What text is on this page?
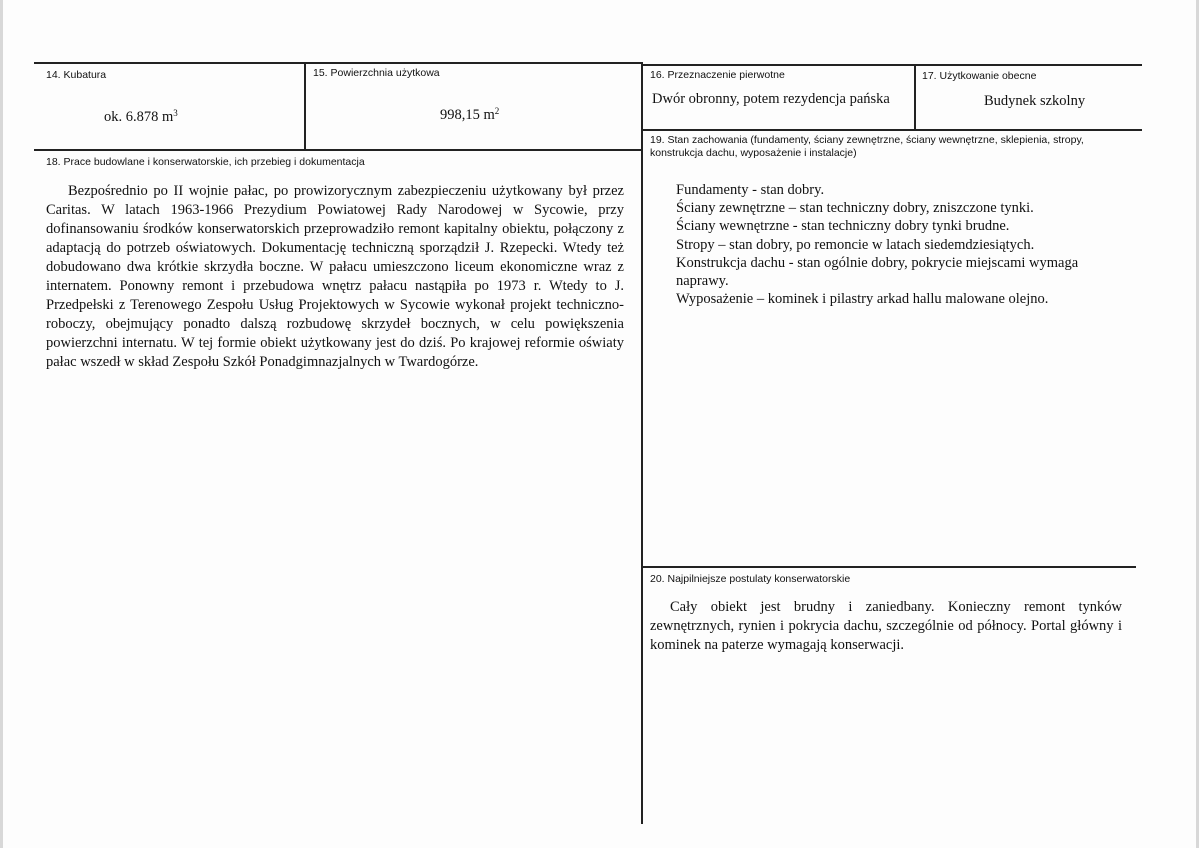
14. Kubatura
ok. 6.878 $m^3$
15. Powierzchnia użytkowa
998,15 $m^2$
16. Przeznaczenie pierwotne
Dwór obronny, potem rezydencja pańska
17. Użytkowanie obecne
Budynek szkolny
18. Prace budowlane i konserwatorskie, ich przebieg i dokumentacja
Bezpośrednio po II wojnie pałac, po prowizorycznym zabezpieczeniu użytkowany był przez Caritas. W latach 1963-1966 Prezydium Powiatowej Rady Narodowej w Sycowie, przy dofinansowaniu środków konserwatorskich przeprowadziło remont kapitalny obiektu, połączony z adaptacją do potrzeb oświatowych. Dokumentację techniczną sporządził J. Rzepecki. Wtedy też dobudowano dwa krótkie skrzydła boczne. W pałacu umieszczono liceum ekonomiczne wraz z internatem. Ponowny remont i przebudowa wnętrz pałacu nastąpiła po 1973 r. Wtedy to J. Przedpełski z Terenowego Zespołu Usług Projektowych w Sycowie wykonał projekt techniczno-roboczy, obejmujący ponadto dalszą rozbudowę skrzydeł bocznych, w celu powiększenia powierzchni internatu. W tej formie obiekt użytkowany jest do dziś. Po krajowej reformie oświaty pałac wszedł w skład Zespołu Szkół Ponadgimnazjalnych w Twardogórze.
19. Stan zachowania (fundamenty, ściany zewnętrzne, ściany wewnętrzne, sklepienia, stropy, konstrukcja dachu, wyposażenie i instalacje)
Fundamenty - stan dobry.
Ściany zewnętrzne – stan techniczny dobry, zniszczone tynki.
Ściany wewnętrzne - stan techniczny dobry tynki brudne.
Stropy – stan dobry, po remoncie w latach siedemdziesiątych.
Konstrukcja dachu - stan ogólnie dobry, pokrycie miejscami wymaga naprawy.
Wyposażenie – kominek i pilastry arkad hallu malowane olejno.
20. Najpilniejsze postulaty konserwatorskie
Cały obiekt jest brudny i zaniedbany. Konieczny remont tynków zewnętrznych, rynien i pokrycia dachu, szczególnie od północy. Portal główny i kominek na paterze wymagają konserwacji.
